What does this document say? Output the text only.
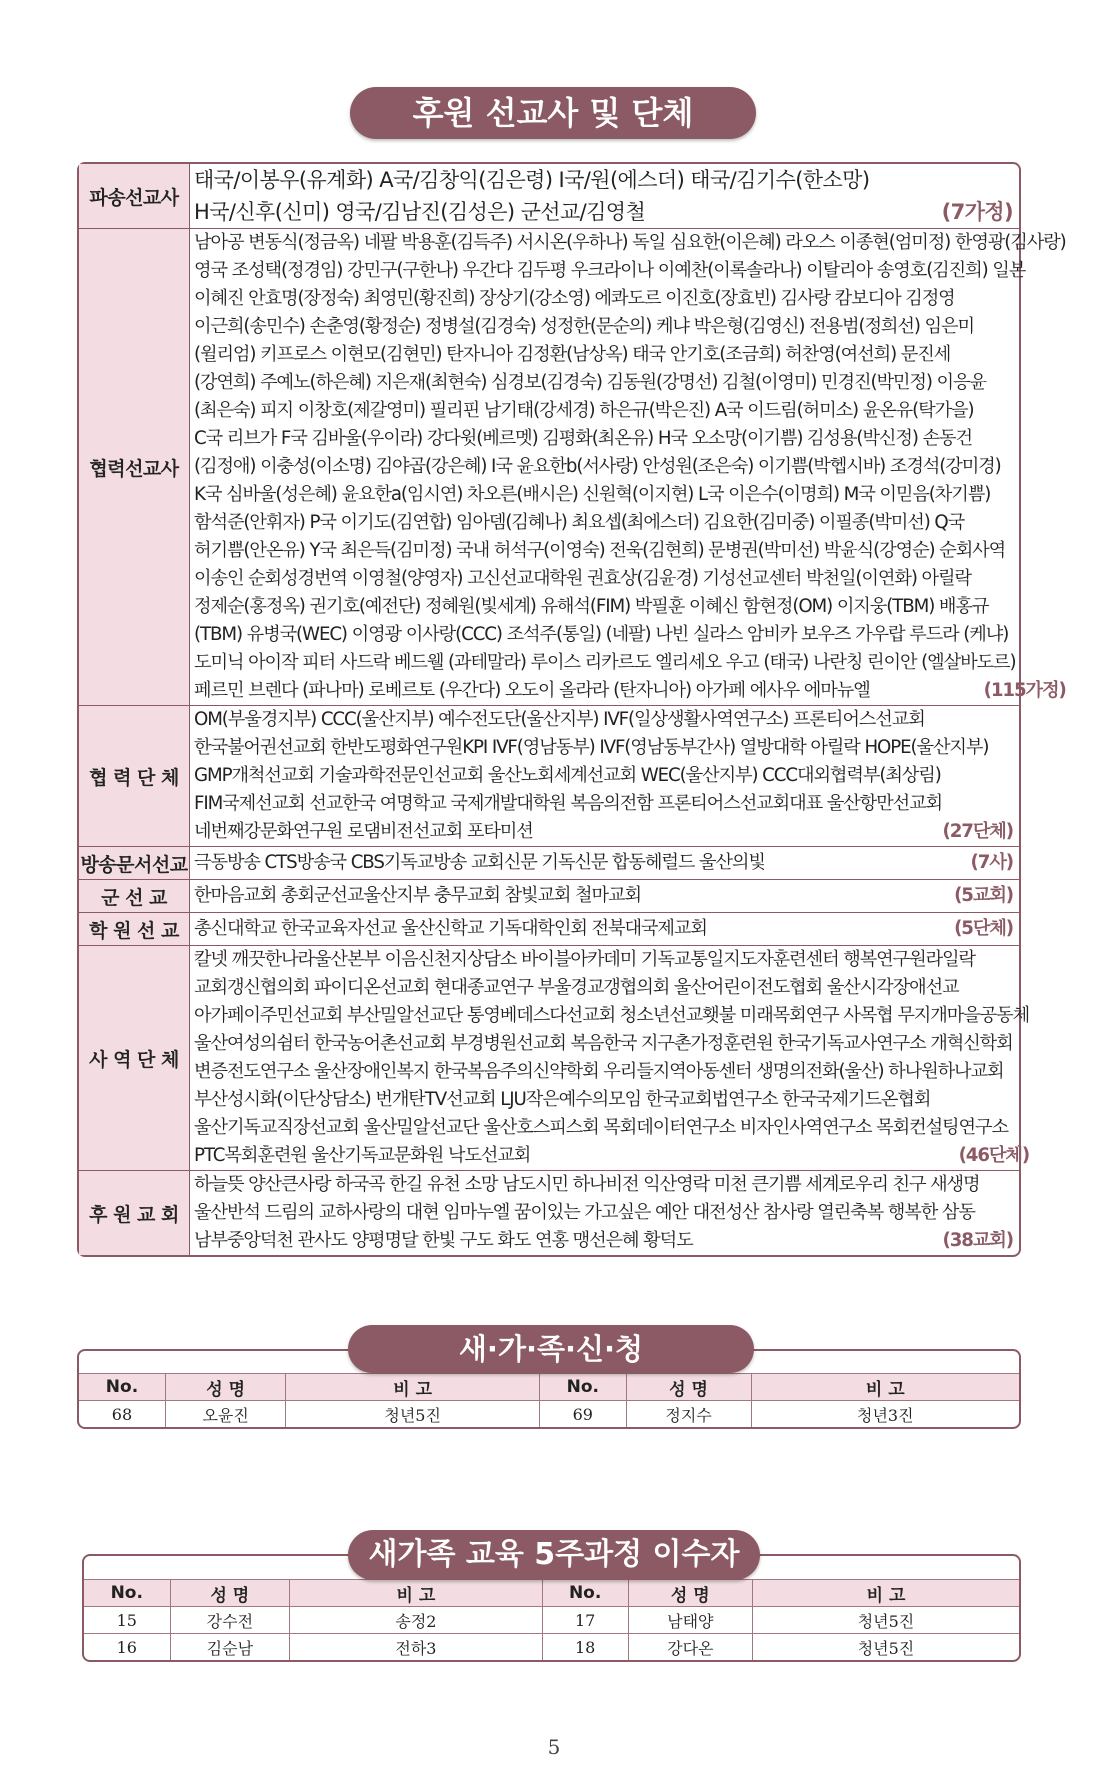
후원 선교사 및 단체
파송선교사
태국/이봉우(유계화) A국/김창익(김은령) I국/원(에스더) 태국/김기수(한소망)
H국/신후(신미) 영국/김남진(김성은) 군선교/김영철	(7가정)
협력선교사
남아공 변동식(정금옥) 네팔 박용훈(김득주) 서시온(우하나) 독일 심요한(이은혜) 라오스 이종현(엄미정) 한영광(김사랑)
영국 조성택(정경임) 강민구(구한나) 우간다 김두평 우크라이나 이예찬(이록솔라나) 이탈리아 송영호(김진희) 일본
이혜진 안효명(장정숙) 최영민(황진희) 장상기(강소영) 에콰도르 이진호(장효빈) 김사랑 캄보디아 김정영
이근희(송민수) 손춘영(황정순) 정병설(김경숙) 성정한(문순의) 케냐 박은형(김영신) 전용범(정희선) 임은미
(윌리엄) 키프로스 이현모(김현민) 탄자니아 김정환(남상옥) 태국 안기호(조금희) 허찬영(여선희) 문진세
(강연희) 주예노(하은혜) 지은재(최현숙) 심경보(김경숙) 김동원(강명선) 김철(이영미) 민경진(박민정) 이응윤
(최은숙) 피지 이창호(제갈영미) 필리핀 남기태(강세경) 하은규(박은진) A국 이드림(허미소) 윤온유(탁가을)
C국 리브가 F국 김바울(우이라) 강다윗(베르멧) 김평화(최온유) H국 오소망(이기쁨) 김성용(박신정) 손동건
(김정애) 이충성(이소명) 김야곱(강은혜) I국 윤요한b(서사랑) 안성원(조은숙) 이기쁨(박헵시바) 조경석(강미경)
K국 심바울(성은혜) 윤요한a(임시연) 차오른(배시은) 신원혁(이지현) L국 이은수(이명희) M국 이믿음(차기쁨)
함석준(안휘자) P국 이기도(김연합) 임아뎀(김혜나) 최요셉(최에스더) 김요한(김미중) 이필종(박미선) Q국
허기쁨(안온유) Y국 최은득(김미정) 국내 허석구(이영숙) 전욱(김현희) 문병권(박미선) 박윤식(강영순) 순회사역
이송인 순회성경번역 이영철(양영자) 고신선교대학원 권효상(김윤경) 기성선교센터 박천일(이연화) 아릴락
정제순(홍정옥) 권기호(예전단) 정혜원(빛세계) 유해석(FIM) 박필훈 이혜신 함현정(OM) 이지웅(TBM) 배홍규
(TBM) 유병국(WEC) 이영광 이사랑(CCC) 조석주(통일) (네팔) 나빈 실라스 암비카 보우즈 가우랍 루드라 (케냐)
도미닉 아이작 피터 사드락 베드웰 (과테말라) 루이스 리카르도 엘리세오 우고 (태국) 나란칭 린이안 (엘살바도르)
페르민 브렌다 (파나마) 로베르토 (우간다) 오도이 올라라 (탄자니아) 아가페 에사우 에마뉴엘	(115가정)
협 력 단 체
OM(부울경지부) CCC(울산지부) 예수전도단(울산지부) IVF(일상생활사역연구소) 프론티어스선교회
한국불어권선교회 한반도평화연구원KPI IVF(영남동부) IVF(영남동부간사) 열방대학 아릴락 HOPE(울산지부)
GMP개척선교회 기술과학전문인선교회 울산노회세계선교회 WEC(울산지부) CCC대외협력부(최상림)
FIM국제선교회 선교한국 여명학교 국제개발대학원 복음의전함 프론티어스선교회대표 울산항만선교회
네번째강문화연구원 로댐비전선교회 포타미션	(27단체)
방송문서선교 극동방송 CTS방송국 CBS기독교방송 교회신문 기독신문 합동헤럴드 울산의빛	(7사)
군 선 교	한마음교회 총회군선교울산지부 충무교회 참빛교회 철마교회	(5교회)
학 원 선 교 총신대학교 한국교육자선교 울산신학교 기독대학인회 전북대국제교회	(5단체)
사 역 단 체
칼넷 깨끗한나라울산본부 이음신천지상담소 바이블아카데미 기독교통일지도자훈련센터 행복연구원라일락
교회갱신협의회 파이디온선교회 현대종교연구 부울경교갱협의회 울산어린이전도협회 울산시각장애선교
아가페이주민선교회 부산밀알선교단 통영베데스다선교회 청소년선교횃불 미래목회연구 사목협 무지개마을공동체
울산여성의쉼터 한국농어촌선교회 부경병원선교회 복음한국 지구촌가정훈련원 한국기독교사연구소 개혁신학회
변증전도연구소 울산장애인복지 한국복음주의신약학회 우리들지역아동센터 생명의전화(울산) 하나원하나교회
부산성시화(이단상담소) 번개탄TV선교회 LJU작은예수의모임 한국교회법연구소 한국국제기드온협회
울산기독교직장선교회 울산밀알선교단 울산호스피스회 목회데이터연구소 비자인사역연구소 목회컨설팅연구소
PTC목회훈련원 울산기독교문화원 낙도선교회	(46단체)
후 원 교 회
하늘뜻 양산큰사랑 하국곡 한길 유천 소망 남도시민 하나비전 익산영락 미천 큰기쁨 세계로우리 친구 새생명
울산반석 드림의 교하사랑의 대현 임마누엘 꿈이있는 가고싶은 예안 대전성산 참사랑 열린축복 행복한 삼동
남부중앙덕천 관사도 양평명달 한빛 구도 화도 연홍 맹선은혜 황덕도	(38교회)
No.	성 명	비 고	No.	성 명	비 고
68	오윤진	청년5진	69	정지수	청년3진
새·가·족·신·청
No.	성 명	비 고	No.	성 명	비 고
15	강수전	송정2	17	남태양	청년5진
16	김순남	전하3	18	강다온	청년5진
새가족 교육 5주과정 이수자
5
